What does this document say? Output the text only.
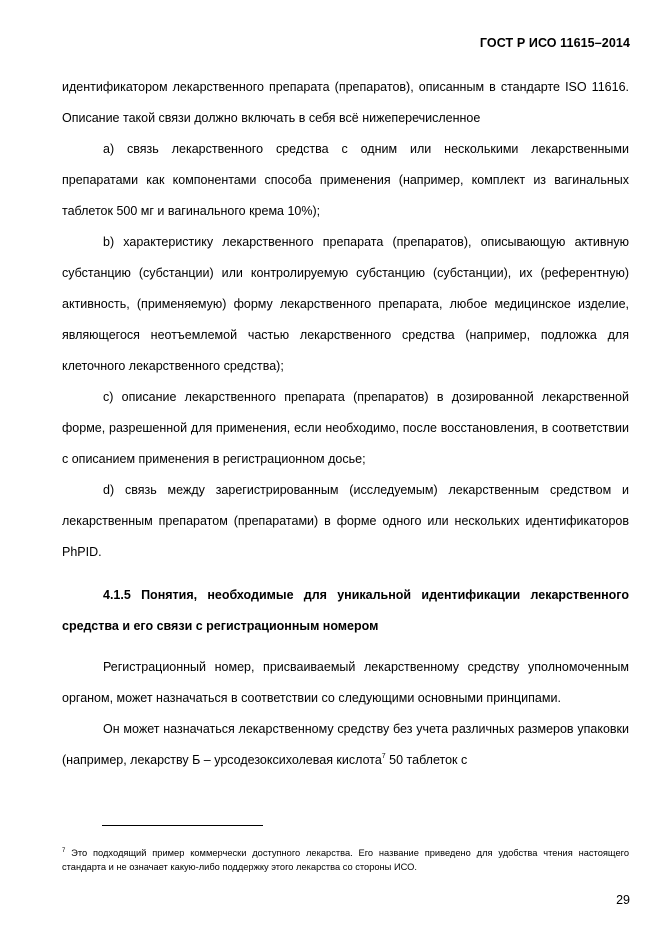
ГОСТ Р ИСО 11615–2014

идентификатором лекарственного препарата (препаратов), описанным в стандарте ISO 11616. Описание такой связи должно включать в себя всё нижеперечисленное

a) связь лекарственного средства с одним или несколькими лекарственными препаратами как компонентами способа применения (например, комплект из вагинальных таблеток 500 мг и вагинального крема 10%);

b) характеристику лекарственного препарата (препаратов), описывающую активную субстанцию (субстанции) или контролируемую субстанцию (субстанции), их (референтную) активность, (применяемую) форму лекарственного препарата, любое медицинское изделие, являющегося неотъемлемой частью лекарственного средства (например, подложка для клеточного лекарственного средства);

c) описание лекарственного препарата (препаратов) в дозированной лекарственной форме, разрешенной для применения, если необходимо, после восстановления, в соответствии с описанием применения в регистрационном досье;

d) связь между зарегистрированным (исследуемым) лекарственным средством и лекарственным препаратом (препаратами) в форме одного или нескольких идентификаторов PhPID.

4.1.5 Понятия, необходимые для уникальной идентификации лекарственного средства и его связи с регистрационным номером

Регистрационный номер, присваиваемый лекарственному средству уполномоченным органом, может назначаться в соответствии со следующими основными принципами.

Он может назначаться лекарственному средству без учета различных размеров упаковки (например, лекарству Б – урсодезоксихолевая кислота$^7$ 50 таблеток с

$^7$ Это подходящий пример коммерчески доступного лекарства. Его название приведено для удобства чтения настоящего стандарта и не означает какую-либо поддержку этого лекарства со стороны ИСО.
29
